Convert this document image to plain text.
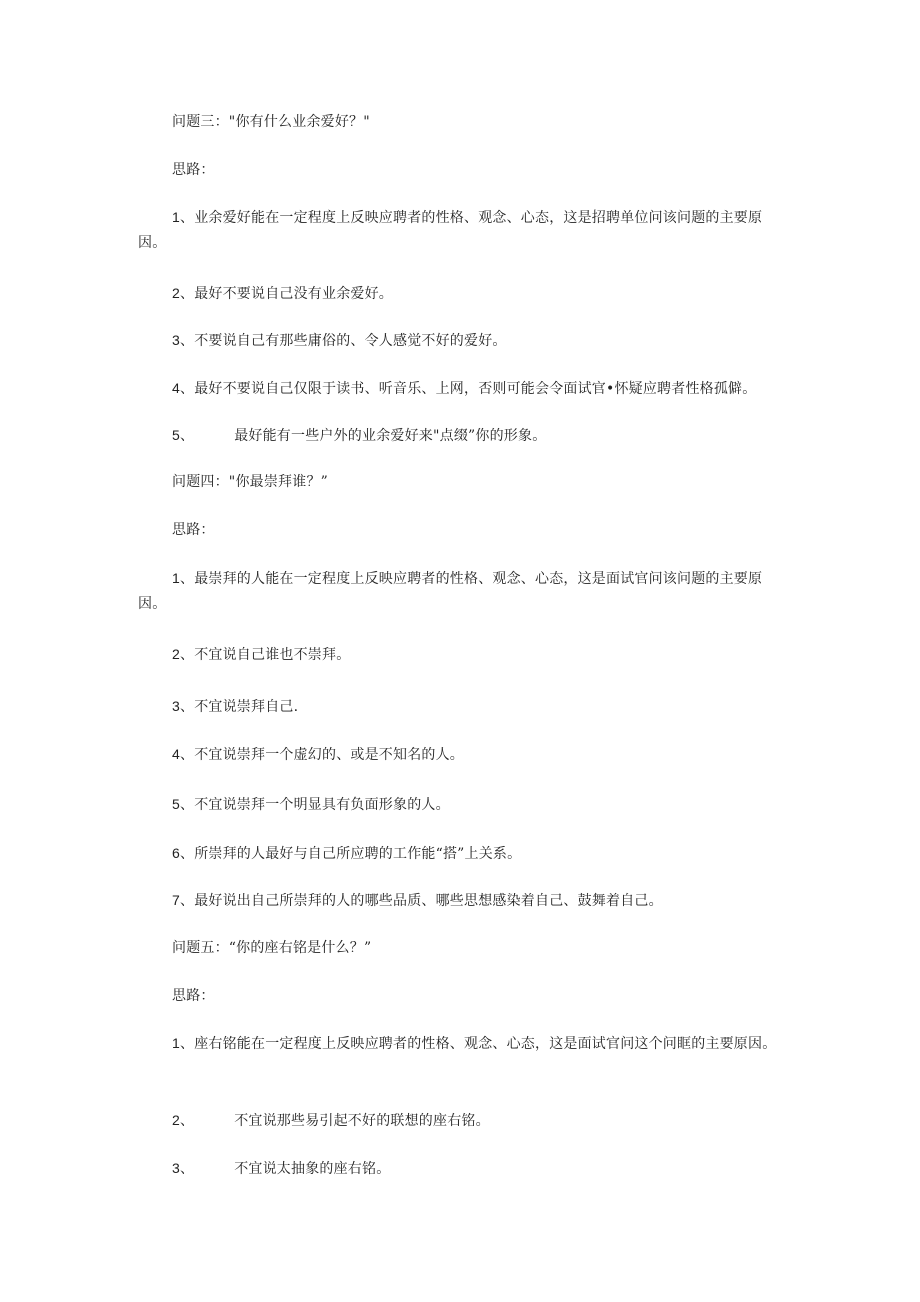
问题三："你有什么业余爱好？"
思路：
1、业余爱好能在一定程度上反映应聘者的性格、观念、心态，这是招聘单位问该问题的主要原因。
2、最好不要说自己没有业余爱好。
3、不要说自己有那些庸俗的、令人感觉不好的爱好。
4、最好不要说自己仅限于读书、听音乐、上网，否则可能会令面试官•怀疑应聘者性格孤僻。
5、	最好能有一些户外的业余爱好来"点缀”你的形象。
问题四："你最崇拜谁？”
思路：
1、最崇拜的人能在一定程度上反映应聘者的性格、观念、心态，这是面试官问该问题的主要原因。
2、不宜说自己谁也不崇拜。
3、不宜说崇拜自己.
4、不宜说崇拜一个虚幻的、或是不知名的人。
5、不宜说崇拜一个明显具有负面形象的人。
6、所崇拜的人最好与自己所应聘的工作能“搭”上关系。
7、最好说出自己所崇拜的人的哪些品质、哪些思想感染着自己、鼓舞着自己。
问题五：“你的座右铭是什么？”
思路：
1、座右铭能在一定程度上反映应聘者的性格、观念、心态，这是面试官问这个问眶的主要原因。
2、	不宜说那些易引起不好的联想的座右铭。
3、	不宜说太抽象的座右铭。
